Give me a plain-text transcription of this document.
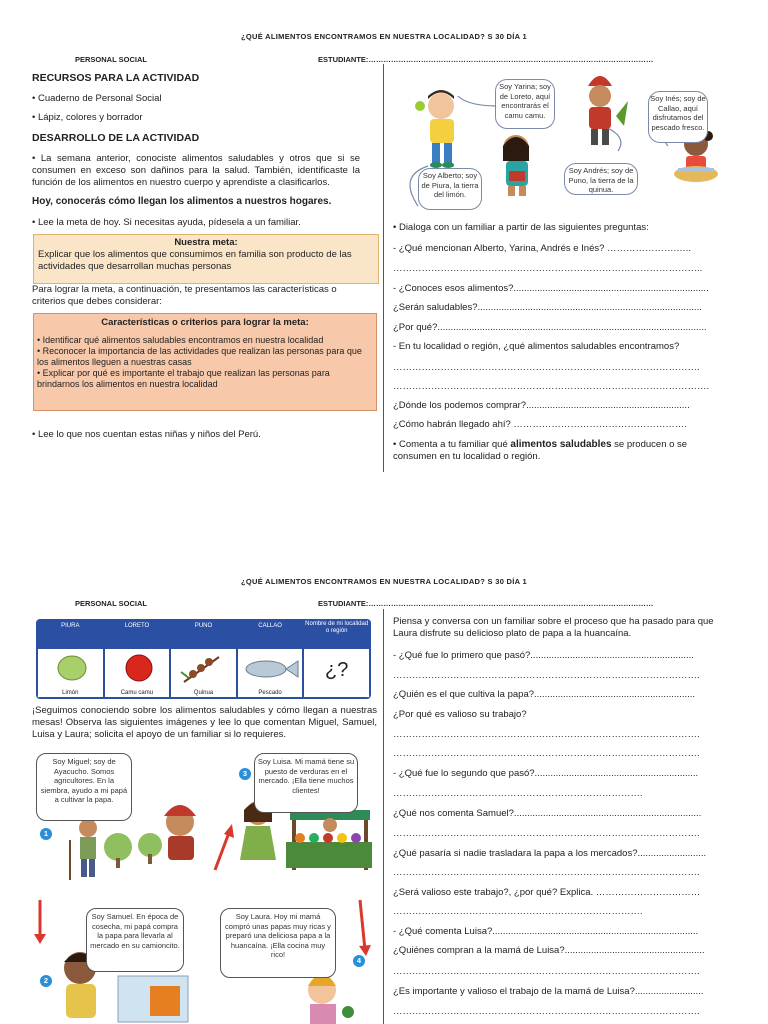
¿QUÉ ALIMENTOS ENCONTRAMOS EN NUESTRA LOCALIDAD? S 30 DÍA 1
PERSONAL SOCIAL	ESTUDIANTE:……………………………………………………………………………………………………
RECURSOS PARA LA ACTIVIDAD
• Cuaderno de Personal Social
• Lápiz, colores y borrador
DESARROLLO DE LA ACTIVIDAD
• La semana anterior, conociste alimentos saludables y otros que si se consumen en exceso son dañinos para la salud. También, identificaste la función de los alimentos en nuestro cuerpo y aprendiste a clasificarlos.
Hoy, conocerás cómo llegan los alimentos a nuestros hogares.
• Lee la meta de hoy. Si necesitas ayuda, pídesela a un familiar.
Nuestra meta:
Explicar que los alimentos que consumimos en familia son producto de las actividades que desarrollan muchas personas
Para lograr la meta, a continuación, te presentamos las características o criterios que debes considerar:
Características o criterios para lograr la meta:
• Identificar qué alimentos saludables encontramos en nuestra localidad
• Reconocer la importancia de las actividades que realizan las personas para que los alimentos lleguen a nuestras casas
• Explicar por qué es importante el trabajo que realizan las personas para brindarnos los alimentos en nuestra localidad
• Lee lo que nos cuentan estas niñas y niños del Perú.
Soy Yarina; soy de Loreto, aquí encontrarás el camu camu.
Soy Inés; soy de Callao, aquí disfrutamos del pescado fresco.
Soy Andrés; soy de Puno, la tierra de la quinua.
Soy Alberto; soy de Piura, la tierra del limón.
• Dialoga con un familiar a partir de las siguientes preguntas:
- ¿Qué mencionan Alberto, Yarina, Andrés e Inés? ………………….…..
……………………………………………………………………………………..
- ¿Conoces esos alimentos?..........................................................................
¿Serán saludables?.....................................................................................
¿Por qué?......................................................................................................
- En tu localidad o región, ¿qué alimentos saludables encontramos?
…………………………………………………………………………………….
……………………………………………………………………………………….
¿Dónde los podemos comprar?..............................................................
¿Cómo habrán llegado ahí? ……………………………………………….
• Comenta a tu familiar qué alimentos saludables se producen o se consumen en tu localidad o región.
¿QUÉ ALIMENTOS ENCONTRAMOS EN NUESTRA LOCALIDAD? S 30 DÍA 1
PERSONAL SOCIAL	ESTUDIANTE:……………………………………………………………………………………………………
PIURA	LORETO	PUNO	CALLAO	Nombre de mi localidad o región
Limón	Camu camu	Quinua	Pescado
¿?
¡Seguimos conociendo sobre los alimentos saludables y cómo llegan a nuestras mesas! Observa las siguientes imágenes y lee lo que comentan Miguel, Samuel, Luisa y Laura; solicita el apoyo de un familiar si lo requieres.
1
2
3
4
Soy Miguel; soy de Ayacucho. Somos agricultores. En la siembra, ayudo a mi papá a cultivar la papa.
Soy Luisa. Mi mamá tiene su puesto de verduras en el mercado. ¡Ella tiene muchos clientes!
Soy Samuel. En época de cosecha, mi papá compra la papa para llevarla al mercado en su camioncito.
Soy Laura. Hoy mi mamá compró unas papas muy ricas y preparó una deliciosa papa a la huancaína. ¡Ella cocina muy rico!
Piensa y conversa con un familiar sobre el proceso que ha pasado para que Laura disfrute su delicioso plato de papa a la huancaína.
- ¿Qué fue lo primero que pasó?..............................................................
…………………………………………………………………………………….
¿Quién es el que cultiva la papa?.............................................................
¿Por qué es valioso su trabajo?
…………………………………………………………………………………….
…………………………………………………………………………………….
- ¿Qué fue lo segundo que pasó?..............................................................
…………………………………………………………………….
¿Qué nos comenta Samuel?.......................................................................
…………………………………………………………………………………….
¿Qué pasaría si nadie trasladara la papa a los mercados?..........................
…………………………………………………………………………………….
¿Será valioso este trabajo?, ¿por qué? Explica. ……………………………
…………………………………………………………………….
- ¿Qué comenta Luisa?..............................................................................
¿Quiénes compran a la mamá de Luisa?.....................................................
…………………………………………………………………………………….
¿Es importante y valioso el trabajo de la mamá de Luisa?..........................
…………………………………………………………………………………….
